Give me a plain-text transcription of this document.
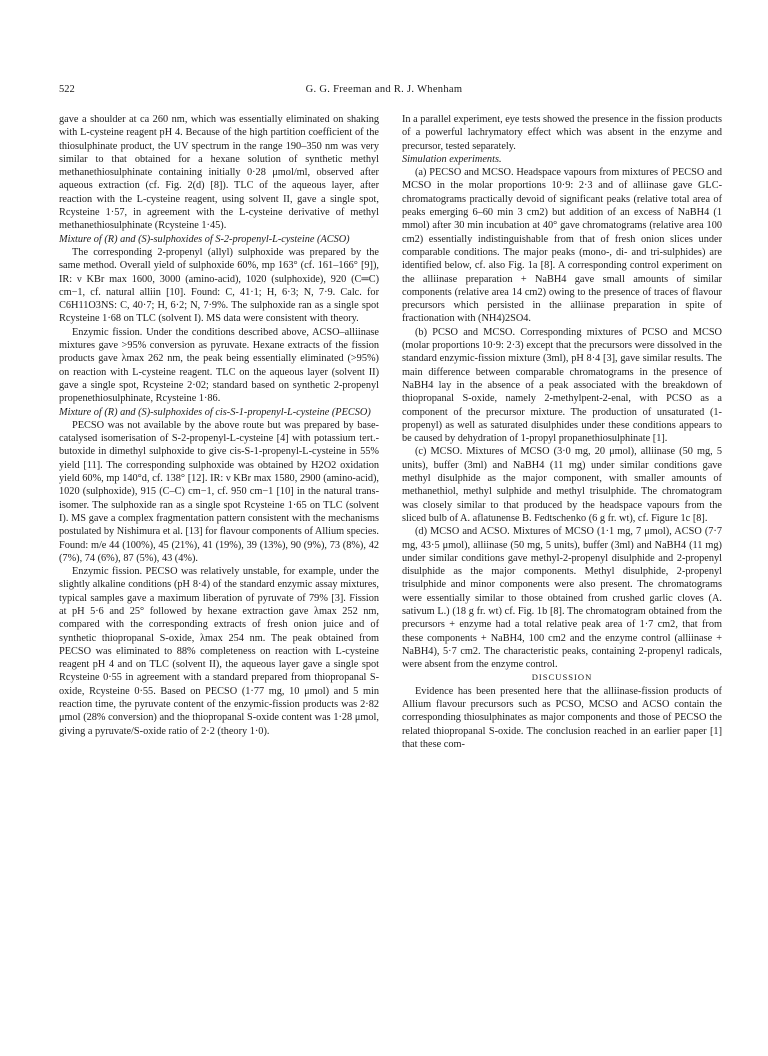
522	G. G. Freeman and R. J. Whenham

gave a shoulder at ca 260 nm, which was essentially eliminated on shaking with L-cysteine reagent pH 4. Because of the high partition coefficient of the thiosulphinate product, the UV spectrum in the range 190–350 nm was very similar to that obtained for a hexane solution of synthetic methyl methanethiosulphinate containing initially 0·28 μmol/ml, observed after aqueous extraction (cf. Fig. 2(d) [8]). TLC of the aqueous layer, after reaction with the L-cysteine reagent, using solvent II, gave a single spot, Rcysteine 1·57, in agreement with the L-cysteine derivative of methyl methanethiosulphinate (Rcysteine 1·45).

Mixture of (R) and (S)-sulphoxides of S-2-propenyl-L-cysteine (ACSO)

The corresponding 2-propenyl (allyl) sulphoxide was prepared by the same method. Overall yield of sulphoxide 60%, mp 163° (cf. 161–166° [9]), IR: ν KBr max 1600, 3000 (amino-acid), 1020 (sulphoxide), 920 (C═C) cm−1, cf. natural alliin [10]. Found: C, 41·1; H, 6·3; N, 7·9. Calc. for C6H11O3NS: C, 40·7; H, 6·2; N, 7·9%. The sulphoxide ran as a single spot Rcysteine 1·68 on TLC (solvent I). MS data were consistent with theory.

Enzymic fission. Under the conditions described above, ACSO–alliinase mixtures gave >95% conversion as pyruvate. Hexane extracts of the fission products gave λmax 262 nm, the peak being essentially eliminated (>95%) on reaction with L-cysteine reagent. TLC on the aqueous layer (solvent II) gave a single spot, Rcysteine 2·02; standard based on synthetic 2-propenyl propenethiosulphinate, Rcysteine 1·86.

Mixture of (R) and (S)-sulphoxides of cis-S-1-propenyl-L-cysteine (PECSO)

PECSO was not available by the above route but was prepared by base-catalysed isomerisation of S-2-propenyl-L-cysteine [4] with potassium tert.-butoxide in dimethyl sulphoxide to give cis-S-1-propenyl-L-cysteine in 55% yield [11]. The corresponding sulphoxide was obtained by H2O2 oxidation yield 60%, mp 140°d, cf. 138° [12]. IR: ν KBr max 1580, 2900 (amino-acid), 1020 (sulphoxide), 915 (C–C) cm−1, cf. 950 cm−1 [10] in the natural trans-isomer. The sulphoxide ran as a single spot Rcysteine 1·65 on TLC (solvent I). MS gave a complex fragmentation pattern consistent with the mechanisms postulated by Nishimura et al. [13] for flavour components of Allium species. Found: m/e 44 (100%), 45 (21%), 41 (19%), 39 (13%), 90 (9%), 73 (8%), 42 (7%), 74 (6%), 87 (5%), 43 (4%).

Enzymic fission. PECSO was relatively unstable, for example, under the slightly alkaline conditions (pH 8·4) of the standard enzymic assay mixtures, typical samples gave a maximum liberation of pyruvate of 79% [3]. Fission at pH 5·6 and 25° followed by hexane extraction gave λmax 252 nm, compared with the corresponding extracts of fresh onion juice and of synthetic thiopropanal S-oxide, λmax 254 nm. The peak obtained from PECSO was eliminated to 88% completeness on reaction with L-cysteine reagent pH 4 and on TLC (solvent II), the aqueous layer gave a single spot Rcysteine 0·55 in agreement with a standard prepared from thiopropanal S-oxide, Rcysteine 0·55. Based on PECSO (1·77 mg, 10 μmol) and 5 min reaction time, the pyruvate content of the enzymic-fission products was 2·82 μmol (28% conversion) and the thiopropanal S-oxide content was 1·28 μmol, giving a pyruvate/S-oxide ratio of 2·2 (theory 1·0).

In a parallel experiment, eye tests showed the presence in the fission products of a powerful lachrymatory effect which was absent in the enzyme and precursor, tested separately.

Simulation experiments.

(a) PECSO and MCSO. Headspace vapours from mixtures of PECSO and MCSO in the molar proportions 10·9: 2·3 and of alliinase gave GLC-chromatograms practically devoid of significant peaks (relative total area of peaks emerging 6–60 min 3 cm2) but addition of an excess of NaBH4 (1 mmol) after 30 min incubation at 40° gave chromatograms (relative area 100 cm2) essentially indistinguishable from that of fresh onion slices under comparable conditions. The major peaks (mono-, di- and tri-sulphides) are identified below, cf. also Fig. 1a [8]. A corresponding control experiment on the alliinase preparation + NaBH4 gave small amounts of similar components (relative area 14 cm2) owing to the presence of traces of flavour precursors which persisted in the alliinase preparation in spite of fractionation with (NH4)2SO4.

(b) PCSO and MCSO. Corresponding mixtures of PCSO and MCSO (molar proportions 10·9: 2·3) except that the precursors were dissolved in the standard enzymic-fission mixture (3ml), pH 8·4 [3], gave similar results. The main difference between comparable chromatograms in the presence of NaBH4 lay in the absence of a peak associated with the breakdown of thiopropanal S-oxide, namely 2-methylpent-2-enal, with PCSO as a component of the precursor mixture. The production of unsaturated (1-propenyl) as well as saturated disulphides under these conditions appears to be caused by dehydration of 1-propyl propanethiosulphinate [1].

(c) MCSO. Mixtures of MCSO (3·0 mg, 20 μmol), alliinase (50 mg, 5 units), buffer (3ml) and NaBH4 (11 mg) under similar conditions gave methyl disulphide as the major component, with smaller amounts of methanethiol, methyl sulphide and methyl trisulphide. The chromatogram was closely similar to that produced by the headspace vapours from the sliced bulb of A. aflatunense B. Fedtschenko (6 g fr. wt), cf. Figure 1c [8].

(d) MCSO and ACSO. Mixtures of MCSO (1·1 mg, 7 μmol), ACSO (7·7 mg, 43·5 μmol), alliinase (50 mg, 5 units), buffer (3ml) and NaBH4 (11 mg) under similar conditions gave methyl-2-propenyl disulphide and 2-propenyl disulphide as the major components. Methyl disulphide, 2-propenyl trisulphide and minor components were also present. The chromatograms were essentially similar to those obtained from crushed garlic cloves (A. sativum L.) (18 g fr. wt) cf. Fig. 1b [8]. The chromatogram obtained from the precursors + enzyme had a total relative peak area of 1·7 cm2, that from these components + NaBH4, 100 cm2 and the enzyme control (alliinase + NaBH4), 5·7 cm2. The characteristic peaks, containing 2-propenyl radicals, were absent from the enzyme control.

DISCUSSION

Evidence has been presented here that the alliinase-fission products of Allium flavour precursors such as PCSO, MCSO and ACSO contain the corresponding thiosulphinates as major components and those of PECSO the related thiopropanal S-oxide. The conclusion reached in an earlier paper [1] that these com-
